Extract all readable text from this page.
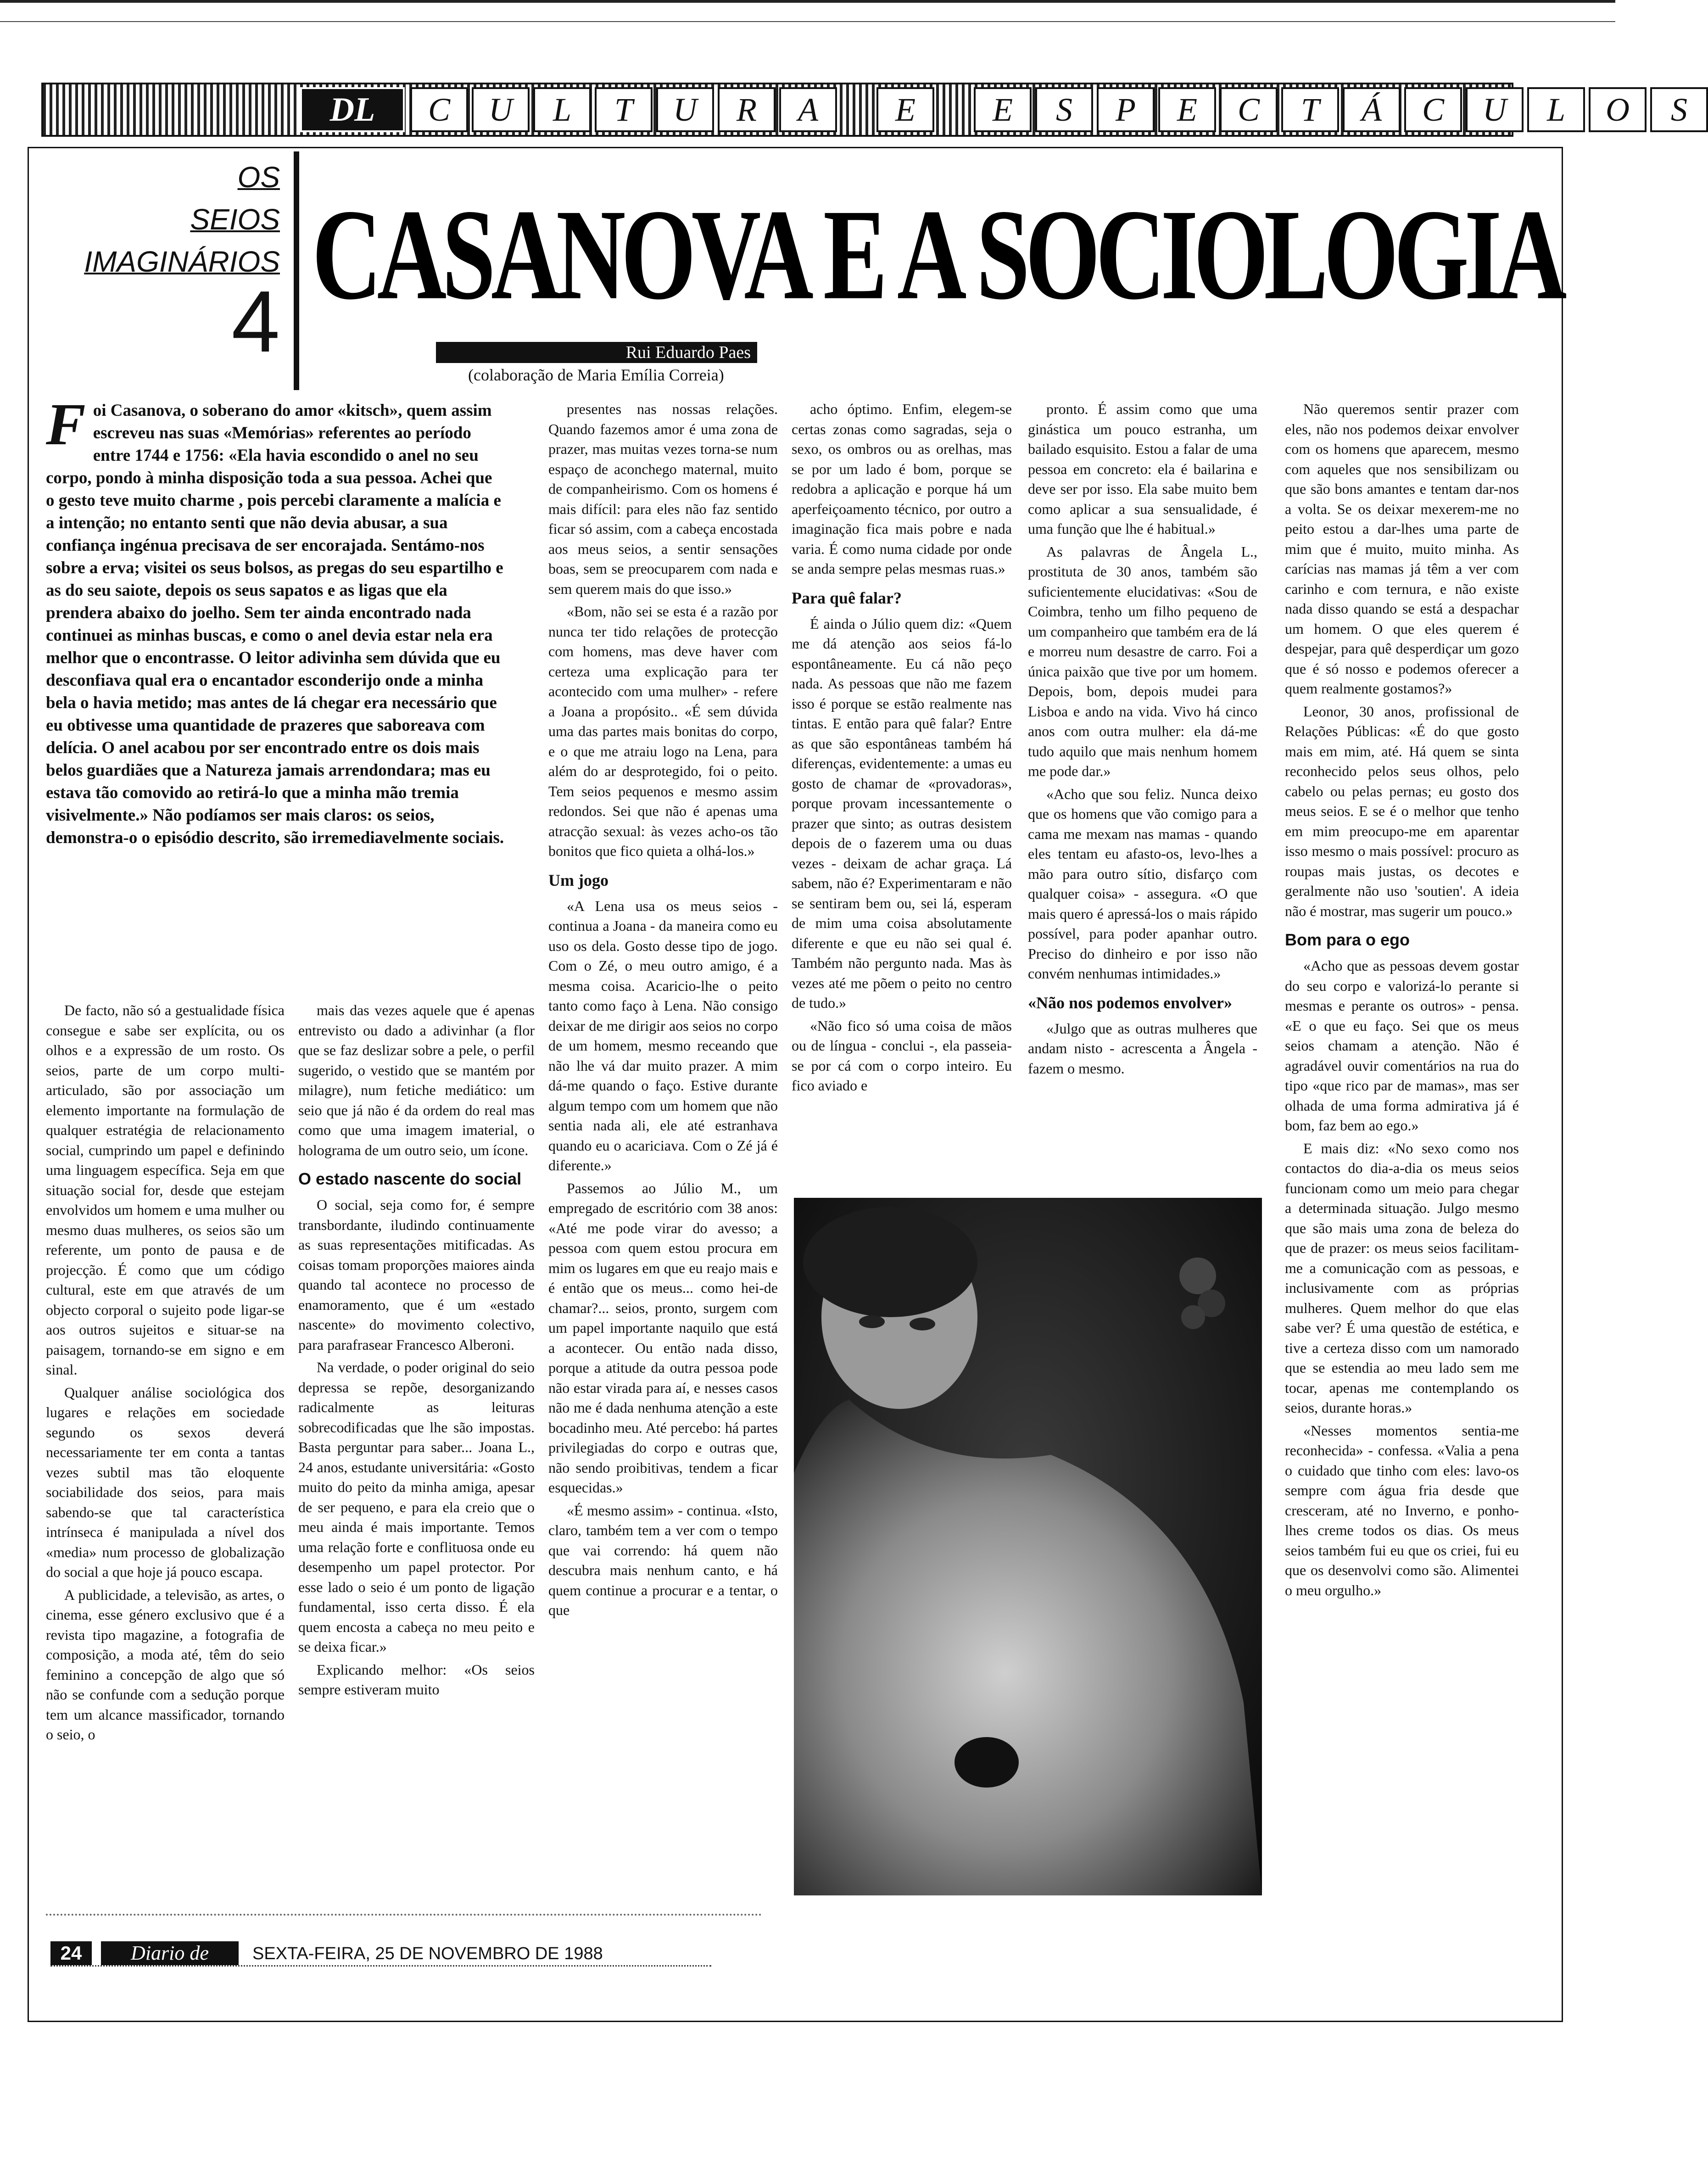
DL	C	U	L	T	U	R	A	E	E	S	P	E	C	T	Á	C	U	L	O	S
OS
SEIOS
IMAGINÁRIOS
4 CASANOVA E A SOCIOLOGIA
Rui Eduardo Paes
(colaboração de Maria Emília Correia)
F oi Casanova, o soberano do amor «kitsch», quem assim escreveu nas suas «Memórias» referentes ao período entre 1744 e 1756: «Ela havia escondido o anel no seu corpo, pondo à minha disposição toda a sua pessoa. Achei que o gesto teve muito charme , pois percebi claramente a malícia e a intenção; no entanto senti que não devia abusar, a sua confiança ingénua precisava de ser encorajada. Sentámo-nos sobre a erva; visitei os seus bolsos, as pregas do seu espartilho e as do seu saiote, depois os seus sapatos e as ligas que ela prendera abaixo do joelho. Sem ter ainda encontrado nada continuei as minhas buscas, e como o anel devia estar nela era melhor que o encontrasse. O leitor adivinha sem dúvida que eu desconfiava qual era o encantador esconderijo onde a minha bela o havia metido; mas antes de lá chegar era necessário que eu obtivesse uma quantidade de prazeres que saboreava com delícia. O anel acabou por ser encontrado entre os dois mais belos guardiães que a Natureza jamais arrendondara; mas eu estava tão comovido ao retirá-lo que a minha mão tremia visivelmente.» Não podíamos ser mais claros: os seios, demonstra-o o episódio descrito, são irremediavelmente sociais.

De facto, não só a gestualidade física consegue e sabe ser explícita, ou os olhos e a expressão de um rosto. Os seios, parte de um corpo multi-articulado, são por associação um elemento importante na formulação de qualquer estratégia de relacionamento social, cumprindo um papel e definindo uma linguagem específica. Seja em que situação social for, desde que estejam envolvidos um homem e uma mulher ou mesmo duas mulheres, os seios são um referente, um ponto de pausa e de projecção. É como que um código cultural, este em que através de um objecto corporal o sujeito pode ligar-se aos outros sujeitos e situar-se na paisagem, tornando-se em signo e em sinal.

Qualquer análise sociológica dos lugares e relações em sociedade segundo os sexos deverá necessariamente ter em conta a tantas vezes subtil mas tão eloquente sociabilidade dos seios, para mais sabendo-se que tal característica intrínseca é manipulada a nível dos «media» num processo de globalização do social a que hoje já pouco escapa.

A publicidade, a televisão, as artes, o cinema, esse género exclusivo que é a revista tipo magazine, a fotografia de composição, a moda até, têm do seio feminino a concepção de algo que só não se confunde com a sedução porque tem um alcance massificador, tornando o seio, o

mais das vezes aquele que é apenas entrevisto ou dado a adivinhar (a flor que se faz deslizar sobre a pele, o perfil sugerido, o vestido que se mantém por milagre), num fetiche mediático: um seio que já não é da ordem do real mas como que uma imagem imaterial, o holograma de um outro seio, um ícone.

O estado nascente do social

O social, seja como for, é sempre transbordante, iludindo continuamente as suas representações mitificadas. As coisas tomam proporções maiores ainda quando tal acontece no processo de enamoramento, que é um «estado nascente» do movimento colectivo, para parafrasear Francesco Alberoni.

Na verdade, o poder original do seio depressa se repõe, desorganizando radicalmente as leituras sobrecodificadas que lhe são impostas. Basta perguntar para saber... Joana L., 24 anos, estudante universitária: «Gosto muito do peito da minha amiga, apesar de ser pequeno, e para ela creio que o meu ainda é mais importante. Temos uma relação forte e conflituosa onde eu desempenho um papel protector. Por esse lado o seio é um ponto de ligação fundamental, isso certa disso. É ela quem encosta a cabeça no meu peito e se deixa ficar.»

Explicando melhor: «Os seios sempre estiveram muito

presentes nas nossas relações. Quando fazemos amor é uma zona de prazer, mas muitas vezes torna-se num espaço de aconchego maternal, muito de companheirismo. Com os homens é mais difícil: para eles não faz sentido ficar só assim, com a cabeça encostada aos meus seios, a sentir sensações boas, sem se preocuparem com nada e sem querem mais do que isso.»

«Bom, não sei se esta é a razão por nunca ter tido relações de protecção com homens, mas deve haver com certeza uma explicação para ter acontecido com uma mulher» - refere a Joana a propósito.. «É sem dúvida uma das partes mais bonitas do corpo, e o que me atraiu logo na Lena, para além do ar desprotegido, foi o peito. Tem seios pequenos e mesmo assim redondos. Sei que não é apenas uma atracção sexual: às vezes acho-os tão bonitos que fico quieta a olhá-los.»

Um jogo

«A Lena usa os meus seios - continua a Joana - da maneira como eu uso os dela. Gosto desse tipo de jogo. Com o Zé, o meu outro amigo, é a mesma coisa. Acaricio-lhe o peito tanto como faço à Lena. Não consigo deixar de me dirigir aos seios no corpo de um homem, mesmo receando que não lhe vá dar muito prazer. A mim dá-me quando o faço. Estive durante algum tempo com um homem que não sentia nada ali, ele até estranhava quando eu o acariciava. Com o Zé já é diferente.»

Passemos ao Júlio M., um empregado de escritório com 38 anos: «Até me pode virar do avesso; a pessoa com quem estou procura em mim os lugares em que eu reajo mais e é então que os meus... como hei-de chamar?... seios, pronto, surgem com um papel importante naquilo que está a acontecer. Ou então nada disso, porque a atitude da outra pessoa pode não estar virada para aí, e nesses casos não me é dada nenhuma atenção a este bocadinho meu. Até percebo: há partes privilegiadas do corpo e outras que, não sendo proibitivas, tendem a ficar esquecidas.»

«É mesmo assim» - continua. «Isto, claro, também tem a ver com o tempo que vai correndo: há quem não descubra mais nenhum canto, e há quem continue a procurar e a tentar, o que

acho óptimo. Enfim, elegem-se certas zonas como sagradas, seja o sexo, os ombros ou as orelhas, mas se por um lado é bom, porque se redobra a aplicação e porque há um aperfeiçoamento técnico, por outro a imaginação fica mais pobre e nada varia. É como numa cidade por onde se anda sempre pelas mesmas ruas.»

Para quê falar?

É ainda o Júlio quem diz: «Quem me dá atenção aos seios fá-lo espontâneamente. Eu cá não peço nada. As pessoas que não me fazem isso é porque se estão realmente nas tintas. E então para quê falar? Entre as que são espontâneas também há diferenças, evidentemente: a umas eu gosto de chamar de «provadoras», porque provam incessantemente o prazer que sinto; as outras desistem depois de o fazerem uma ou duas vezes - deixam de achar graça. Lá sabem, não é? Experimentaram e não se sentiram bem ou, sei lá, esperam de mim uma coisa absolutamente diferente e que eu não sei qual é. Também não pergunto nada. Mas às vezes até me põem o peito no centro de tudo.»

«Não fico só uma coisa de mãos ou de língua - conclui -, ela passeia-se por cá com o corpo inteiro. Eu fico aviado e

pronto. É assim como que uma ginástica um pouco estranha, um bailado esquisito. Estou a falar de uma pessoa em concreto: ela é bailarina e deve ser por isso. Ela sabe muito bem como aplicar a sua sensualidade, é uma função que lhe é habitual.»

As palavras de Ângela L., prostituta de 30 anos, também são suficientemente elucidativas: «Sou de Coimbra, tenho um filho pequeno de um companheiro que também era de lá e morreu num desastre de carro. Foi a única paixão que tive por um homem. Depois, bom, depois mudei para Lisboa e ando na vida. Vivo há cinco anos com outra mulher: ela dá-me tudo aquilo que mais nenhum homem me pode dar.»

«Acho que sou feliz. Nunca deixo que os homens que vão comigo para a cama me mexam nas mamas - quando eles tentam eu afasto-os, levo-lhes a mão para outro sítio, disfarço com qualquer coisa» - assegura. «O que mais quero é apressá-los o mais rápido possível, para poder apanhar outro. Preciso do dinheiro e por isso não convém nenhumas intimidades.»

«Não nos podemos envolver»

«Julgo que as outras mulheres que andam nisto - acrescenta a Ângela - fazem o mesmo.

Não queremos sentir prazer com eles, não nos podemos deixar envolver com os homens que aparecem, mesmo com aqueles que nos sensibilizam ou que são bons amantes e tentam dar-nos a volta. Se os deixar mexerem-me no peito estou a dar-lhes uma parte de mim que é muito, muito minha. As carícias nas mamas já têm a ver com carinho e com ternura, e não existe nada disso quando se está a despachar um homem. O que eles querem é despejar, para quê desperdiçar um gozo que é só nosso e podemos oferecer a quem realmente gostamos?»

Leonor, 30 anos, profissional de Relações Públicas: «É do que gosto mais em mim, até. Há quem se sinta reconhecido pelos seus olhos, pelo cabelo ou pelas pernas; eu gosto dos meus seios. E se é o melhor que tenho em mim preocupo-me em aparentar isso mesmo o mais possível: procuro as roupas mais justas, os decotes e geralmente não uso 'soutien'. A ideia não é mostrar, mas sugerir um pouco.»

Bom para o ego

«Acho que as pessoas devem gostar do seu corpo e valorizá-lo perante si mesmas e perante os outros» - pensa. «E o que eu faço. Sei que os meus seios chamam a atenção. Não é agradável ouvir comentários na rua do tipo «que rico par de mamas», mas ser olhada de uma forma admirativa já é bom, faz bem ao ego.»

E mais diz: «No sexo como nos contactos do dia-a-dia os meus seios funcionam como um meio para chegar a determinada situação. Julgo mesmo que são mais uma zona de beleza do que de prazer: os meus seios facilitam-me a comunicação com as pessoas, e inclusivamente com as próprias mulheres. Quem melhor do que elas sabe ver? É uma questão de estética, e tive a certeza disso com um namorado que se estendia ao meu lado sem me tocar, apenas me contemplando os seios, durante horas.»

«Nesses momentos sentia-me reconhecida» - confessa. «Valia a pena o cuidado que tinho com eles: lavo-os sempre com água fria desde que cresceram, até no Inverno, e ponho-lhes creme todos os dias. Os meus seios também fui eu que os criei, fui eu que os desenvolvi como são. Alimentei o meu orgulho.»

24	Diario de Lisboa
SEXTA-FEIRA, 25 DE NOVEMBRO DE 1988
